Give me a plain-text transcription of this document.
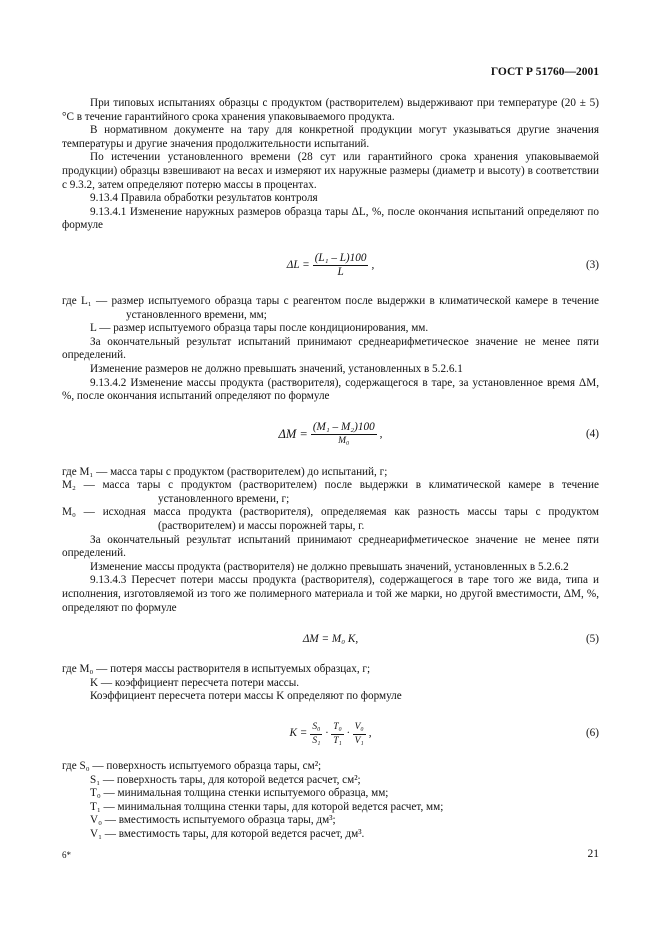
ГОСТ Р 51760—2001

При типовых испытаниях образцы с продуктом (растворителем) выдерживают при температуре (20 ± 5) °С в течение гарантийного срока хранения упаковываемого продукта.

В нормативном документе на тару для конкретной продукции могут указываться другие значения температуры и другие значения продолжительности испытаний.

По истечении установленного времени (28 сут или гарантийного срока хранения упаковываемой продукции) образцы взвешивают на весах и измеряют их наружные размеры (диаметр и высоту) в соответствии с 9.3.2, затем определяют потерю массы в процентах.

9.13.4 Правила обработки результатов контроля

9.13.4.1 Изменение наружных размеров образца тары ΔL, %, после окончания испытаний определяют по формуле

$\Delta L = \frac{\text{(L₁ – L)100}}{L}$ ,	(3)

где L₁ — размер испытуемого образца тары с реагентом после выдержки в климатической камере в течение установленного времени, мм;

L — размер испытуемого образца тары после кондиционирования, мм.

За окончательный результат испытаний принимают среднеарифметическое значение не менее пяти определений.

Изменение размеров не должно превышать значений, установленных в 5.2.6.1

9.13.4.2 Изменение массы продукта (растворителя), содержащегося в таре, за установленное время ΔM, %, после окончания испытаний определяют по формуле

$\Delta M = \frac{\text{(M₁ – M₂)100}}{\text{M₀}}$ ,	(4)

где M₁ — масса тары с продуктом (растворителем) до испытаний, г;

M₂ — масса тары с продуктом (растворителем) после выдержки в климатической камере в течение установленного времени, г;

M₀ — исходная масса продукта (растворителя), определяемая как разность массы тары с продуктом (растворителем) и массы порожней тары, г.

За окончательный результат испытаний принимают среднеарифметическое значение не менее пяти определений.

Изменение массы продукта (растворителя) не должно превышать значений, установленных в 5.2.6.2

9.13.4.3 Пересчет потери массы продукта (растворителя), содержащегося в таре того же вида, типа и исполнения, изготовляемой из того же полимерного материала и той же марки, но другой вместимости, ΔM, %, определяют по формуле

ΔM = M₀ K,	(5)

где M₀ — потеря массы растворителя в испытуемых образцах, г;

K — коэффициент пересчета потери массы.

Коэффициент пересчета потери массы K определяют по формуле

$K = \frac{\text{S₀}}{\text{S₁}} \cdot \frac{\text{T₀}}{\text{T₁}} \cdot \frac{\text{V₀}}{\text{V₁}}$ ,	(6)

где S₀ — поверхность испытуемого образца тары, см²;

S₁ — поверхность тары, для которой ведется расчет, см²;

T₀ — минимальная толщина стенки испытуемого образца, мм;

T₁ — минимальная толщина стенки тары, для которой ведется расчет, мм;

V₀ — вместимость испытуемого образца тары, дм³;

V₁ — вместимость тары, для которой ведется расчет, дм³.

6*	21
